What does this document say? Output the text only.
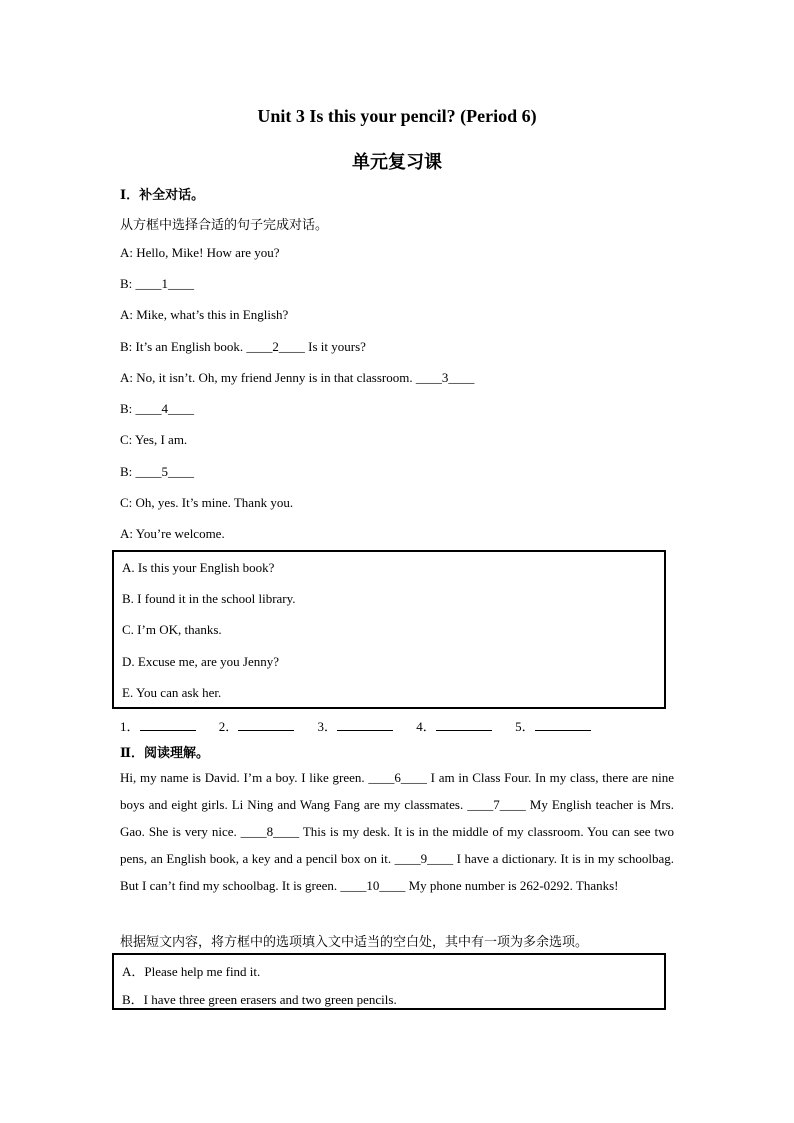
Unit 3 Is this your pencil? (Period 6)
单元复习课
Ⅰ．补全对话。
从方框中选择合适的句子完成对话。
A: Hello, Mike! How are you?
B: ____1____
A: Mike, what’s this in English?
B: It’s an English book. ____2____ Is it yours?
A: No, it isn’t. Oh, my friend Jenny is in that classroom. ____3____
B: ____4____
C: Yes, I am.
B: ____5____
C: Oh, yes. It’s mine. Thank you.
A: You’re welcome.
A. Is this your English book?
B. I found it in the school library.
C. I’m OK, thanks.
D. Excuse me, are you Jenny?
E. You can ask her.
1．	2．	3．	4．	5．
Ⅱ．阅读理解。
Hi, my name is David. I’m a boy. I like green. ____6____ I am in Class Four. In my class, there are nine boys and eight girls. Li Ning and Wang Fang are my classmates. ____7____ My English teacher is Mrs. Gao. She is very nice. ____8____ This is my desk. It is in the middle of my classroom. You can see two pens, an English book, a key and a pencil box on it. ____9____ I have a dictionary. It is in my schoolbag. But I can’t find my schoolbag. It is green. ____10____ My phone number is 262-0292. Thanks!
根据短文内容，将方框中的选项填入文中适当的空白处，其中有一项为多余选项。
A．Please help me find it.
B．I have three green erasers and two green pencils.
